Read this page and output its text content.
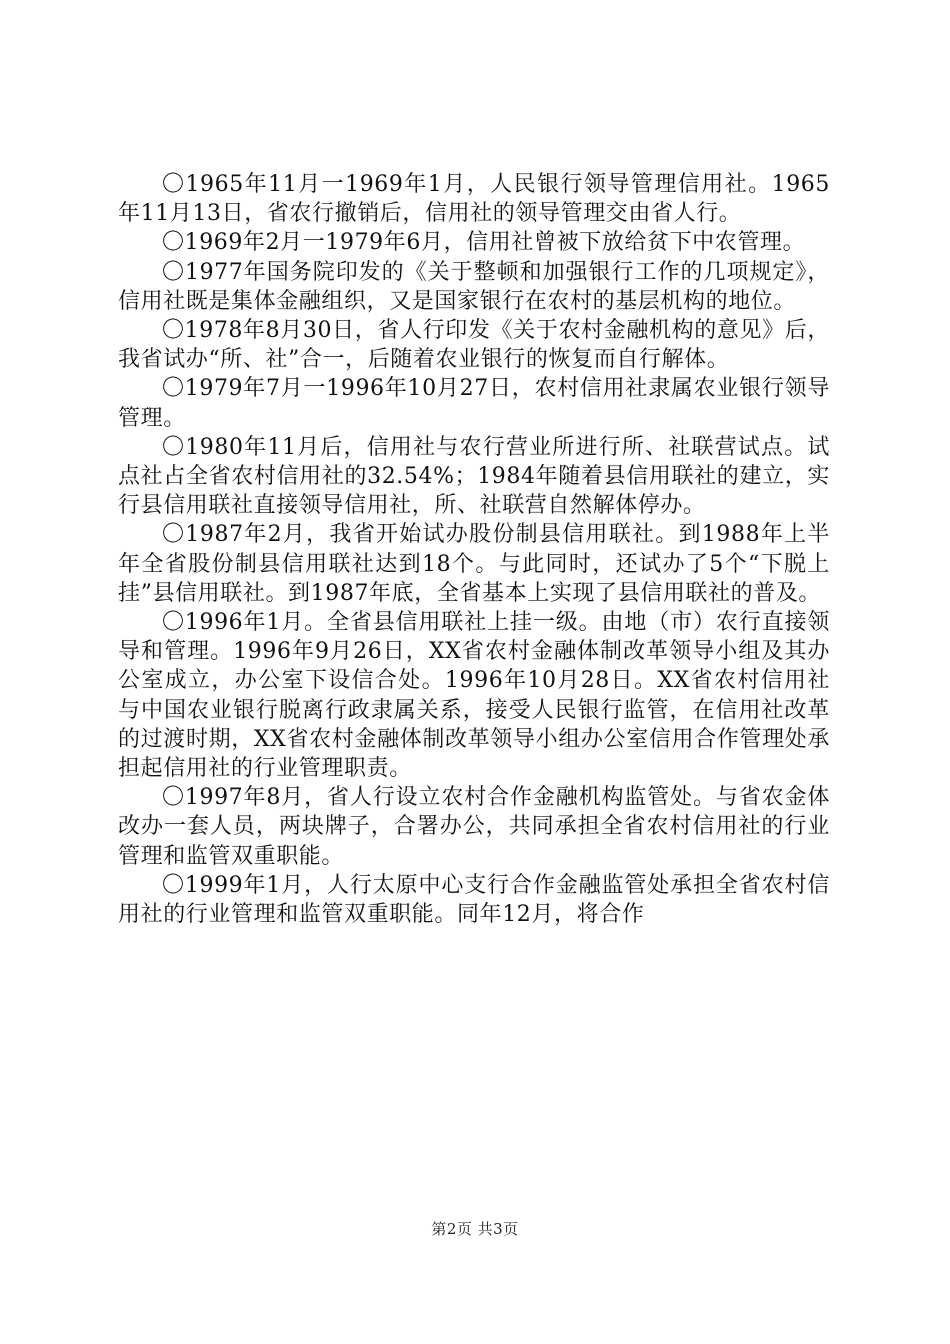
〇1965年11月一1969年1月，人民银行领导管理信用社。1965年11月13日，省农行撤销后，信用社的领导管理交由省人行。

〇1969年2月一1979年6月，信用社曾被下放给贫下中农管理。

〇1977年国务院印发的《关于整顿和加强银行工作的几项规定》，信用社既是集体金融组织，又是国家银行在农村的基层机构的地位。

〇1978年8月30日，省人行印发《关于农村金融机构的意见》后，我省试办“所、社”合一，后随着农业银行的恢复而自行解体。

〇1979年7月一1996年10月27日，农村信用社隶属农业银行领导管理。

〇1980年11月后，信用社与农行营业所进行所、社联营试点。试点社占全省农村信用社的32.54%；1984年随着县信用联社的建立，实行县信用联社直接领导信用社，所、社联营自然解体停办。

〇1987年2月，我省开始试办股份制县信用联社。到1988年上半年全省股份制县信用联社达到18个。与此同时，还试办了5个“下脱上挂”县信用联社。到1987年底，全省基本上实现了县信用联社的普及。

〇1996年1月。全省县信用联社上挂一级。由地（市）农行直接领导和管理。1996年9月26日，XX省农村金融体制改革领导小组及其办公室成立，办公室下设信合处。1996年10月28日。XX省农村信用社与中国农业银行脱离行政隶属关系，接受人民银行监管，在信用社改革的过渡时期，XX省农村金融体制改革领导小组办公室信用合作管理处承担起信用社的行业管理职责。

〇1997年8月，省人行设立农村合作金融机构监管处。与省农金体改办一套人员，两块牌子，合署办公，共同承担全省农村信用社的行业管理和监管双重职能。

〇1999年1月，人行太原中心支行合作金融监管处承担全省农村信用社的行业管理和监管双重职能。同年12月，将合作

第2页 共3页
